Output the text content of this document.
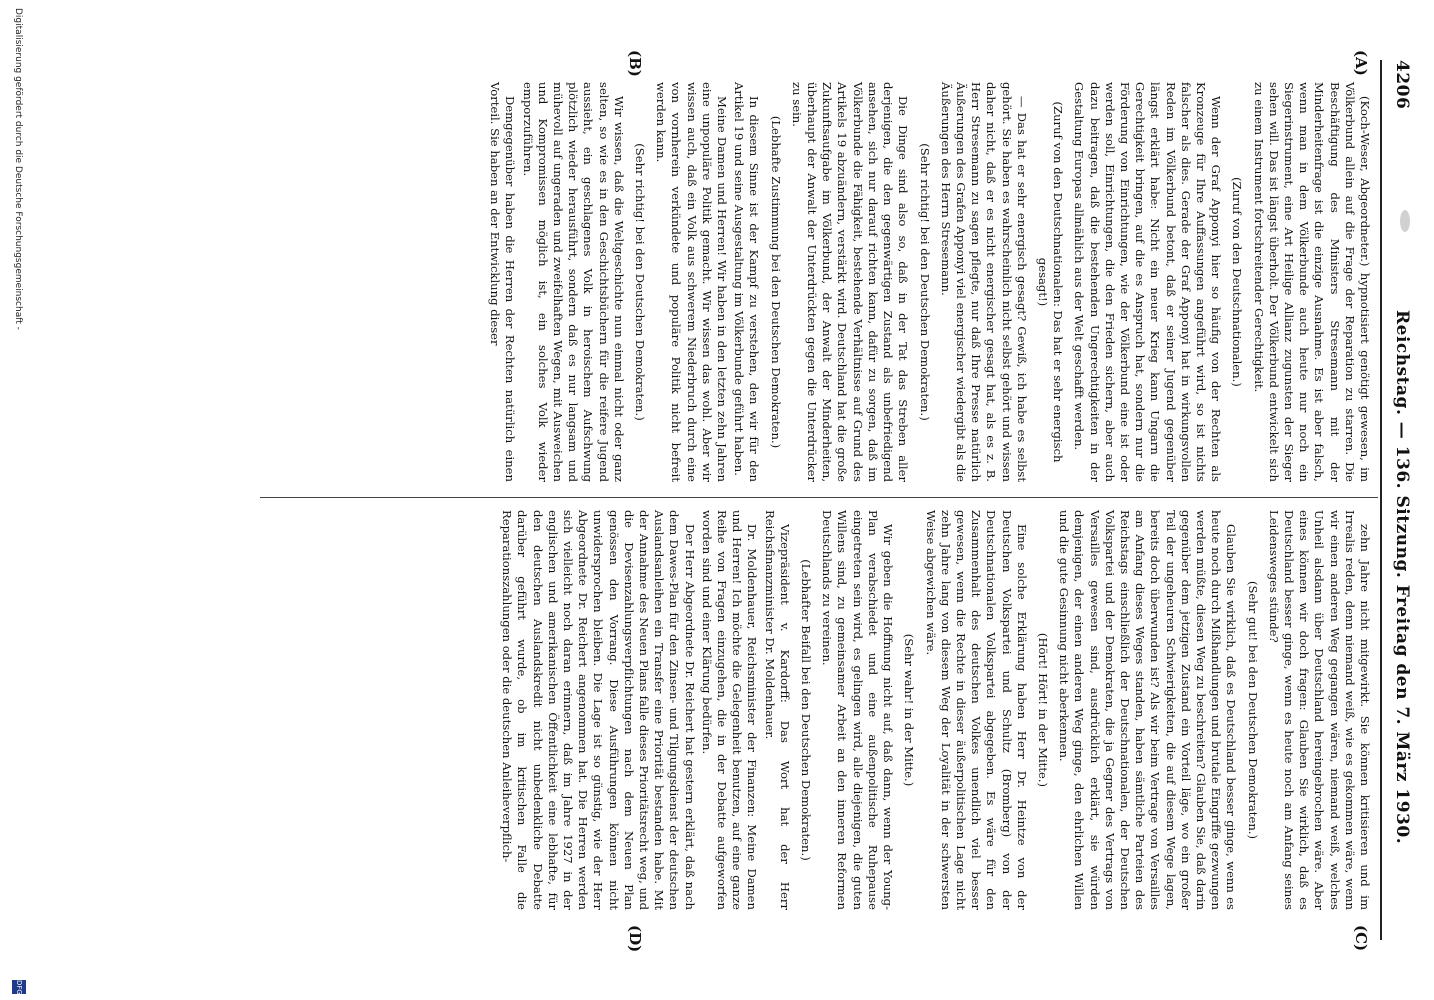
4206
Reichstag. — 136. Sitzung. Freitag den 7. März 1930.
(A)
(B)
(C)
(D)

(Koch-Weser, Abgeordneter.) hypnotisiert genötigt gewesen, im Völkerbund allein auf die Frage der Reparation zu starren. Die Beschäftigung des Ministers Stresemann mit der Minderheitenfrage ist die einzige Ausnahme. Es ist aber falsch, wenn man in dem Völkerbunde auch heute nur noch ein Siegerinstrument, eine Art Heilige Allianz zugunsten der Sieger sehen will. Das ist längst überholt. Der Völkerbund entwickelt sich zu einem Instrument fortschreitender Gerechtigkeit.

(Zuruf von den Deutschnationalen.)

Wenn der Graf Apponyi hier so häufig von der Rechten als Kronzeuge für Ihre Auffassungen angeführt wird, so ist nichts falscher als dies. Gerade der Graf Apponyi hat in wirkungsvollen Reden im Völkerbund betont, daß er seiner Jugend gegenüber längst erklärt habe: Nicht ein neuer Krieg kann Ungarn die Gerechtigkeit bringen, auf die es Anspruch hat, sondern nur die Förderung von Einrichtungen, wie der Völkerbund eine ist oder werden soll, Einrichtungen, die den Frieden sichern, aber auch dazu beitragen, daß die bestehenden Ungerechtigkeiten in der Gestaltung Europas allmählich aus der Welt geschafft werden.

(Zuruf von den Deutschnationalen: Das hat er sehr energisch gesagt!)

— Das hat er sehr energisch gesagt? Gewiß, ich habe es selbst gehört. Sie haben es wahrscheinlich nicht selbst gehört und wissen daher nicht, daß er es nicht energischer gesagt hat, als es z. B. Herr Stresemann zu sagen pflegte, nur daß Ihre Presse natürlich Äußerungen des Grafen Apponyi viel energischer wiedergibt als die Äußerungen des Herrn Stresemann.

(Sehr richtig! bei den Deutschen Demokraten.)

Die Dinge sind also so, daß in der Tat das Streben aller derjenigen, die den gegenwärtigen Zustand als unbefriedigend ansehen, sich nur darauf richten kann, dafür zu sorgen, daß im Völkerbunde die Fähigkeit, bestehende Verhältnisse auf Grund des Artikels 19 abzuändern, verstärkt wird. Deutschland hat die große Zukunftsaufgabe im Völkerbund, der Anwalt der Minderheiten, überhaupt der Anwalt der Unterdrückten gegen die Unterdrücker zu sein.

(Lebhafte Zustimmung bei den Deutschen Demokraten.)

In diesem Sinne ist der Kampf zu verstehen, den wir für den Artikel 19 und seine Ausgestaltung im Völkerbunde geführt haben.

Meine Damen und Herren! Wir haben in den letzten zehn Jahren eine unpopuläre Politik gemacht. Wir wissen das wohl. Aber wir wissen auch, daß ein Volk aus schwerem Niederbruch durch eine von vornherein verkündete und populäre Politik nicht befreit werden kann.

(Sehr richtig! bei den Deutschen Demokraten.)

Wir wissen, daß die Weltgeschichte nun einmal nicht oder ganz selten, so wie es in den Geschichtsbüchern für die reifere Jugend aussieht, ein geschlagenes Volk in heroischem Aufschwung plötzlich wieder herausführt, sondern daß es nur langsam und mühevoll auf ungeraden und zweifelhaften Wegen, mit Ausweichen und Kompromissen möglich ist, ein solches Volk wieder emporzuführen.

Demgegenüber haben die Herren der Rechten natürlich einen Vorteil. Sie haben an der Entwicklung dieser

zehn Jahre nicht mitgewirkt. Sie können kritisieren und im Irrealis reden, denn niemand weiß, wie es gekommen wäre, wenn wir einen anderen Weg gegangen wären, niemand weiß, welches Unheil alsdann über Deutschland hereingebrochen wäre. Aber eines können wir doch fragen: Glauben Sie wirklich, daß es Deutschland besser ginge, wenn es heute noch am Anfang seines Leidensweges stünde?

(Sehr gut! bei den Deutschen Demokraten.)

Glauben Sie wirklich, daß es Deutschland besser ginge, wenn es heute noch durch Mißhandlungen und brutale Eingriffe gezwungen werden müßte, diesen Weg zu beschreiten? Glauben Sie, daß darin gegenüber dem jetzigen Zustand ein Vorteil läge, wo ein großer Teil der ungeheuren Schwierigkeiten, die auf diesem Wege lagen, bereits doch überwunden ist? Als wir beim Vertrage von Versailles am Anfang dieses Weges standen, haben sämtliche Parteien des Reichstags einschließlich der Deutschnationalen, der Deutschen Volkspartei und der Demokraten, die ja Gegner des Vertrags von Versailles gewesen sind, ausdrücklich erklärt, sie würden demjenigen, der einen anderen Weg ginge, den ehrlichen Willen und die gute Gesinnung nicht aberkennen.

(Hört! Hört! in der Mitte.)

Eine solche Erklärung haben Herr Dr. Heintze von der Deutschen Volkspartei und Schultz (Bromberg) von der Deutschnationalen Volkspartei abgegeben. Es wäre für den Zusammenhalt des deutschen Volkes unendlich viel besser gewesen, wenn die Rechte in dieser äußerpolitischen Lage nicht zehn Jahre lang von diesem Weg der Loyalität in der schwersten Weise abgewichen wäre.

(Sehr wahr! in der Mitte.)

Wir geben die Hoffnung nicht auf, daß dann, wenn der Young-Plan verabschiedet und eine außenpolitische Ruhepause eingetreten sein wird, es gelingen wird, alle diejenigen, die guten Willens sind, zu gemeinsamer Arbeit an den inneren Reformen Deutschlands zu vereinen.

(Lebhafter Beifall bei den Deutschen Demokraten.)

Vizepräsident v. Kardorff: Das Wort hat der Herr Reichsfinanzminister Dr. Moldenhauer.

Dr. Moldenhauer, Reichsminister der Finanzen: Meine Damen und Herren! Ich möchte die Gelegenheit benutzen, auf eine ganze Reihe von Fragen einzugehen, die in der Debatte aufgeworfen worden sind und einer Klärung bedürfen.

Der Herr Abgeordnete Dr. Reichert hat gestern erklärt, daß nach dem Dawes-Plan für den Zinsen- und Tilgungsdienst der deutschen Auslandsanleihen ein Transfer eine Priorität bestanden habe. Mit der Annahme des Neuen Plans falle dieses Prioritätsrecht weg, und die Devisenzahlungsverpflichtungen nach dem Neuen Plan genössen den Vorrang. Diese Ausführungen können nicht unwidersprochen bleiben. Die Lage ist so günstig, wie der Herr Abgeordnete Dr. Reichert angenommen hat. Die Herren werden sich vielleicht noch daran erinnern, daß im Jahre 1927 in der englischen und amerikanischen Öffentlichkeit eine lebhafte, für den deutschen Auslandskredit nicht unbedenkliche Debatte darüber geführt wurde, ob im kritischen Falle die Reparationszahlungen oder die deutschen Anleiheverpflich-

Digitalisierung gefördert durch die Deutsche Forschungsgemeinschaft -
DFG
